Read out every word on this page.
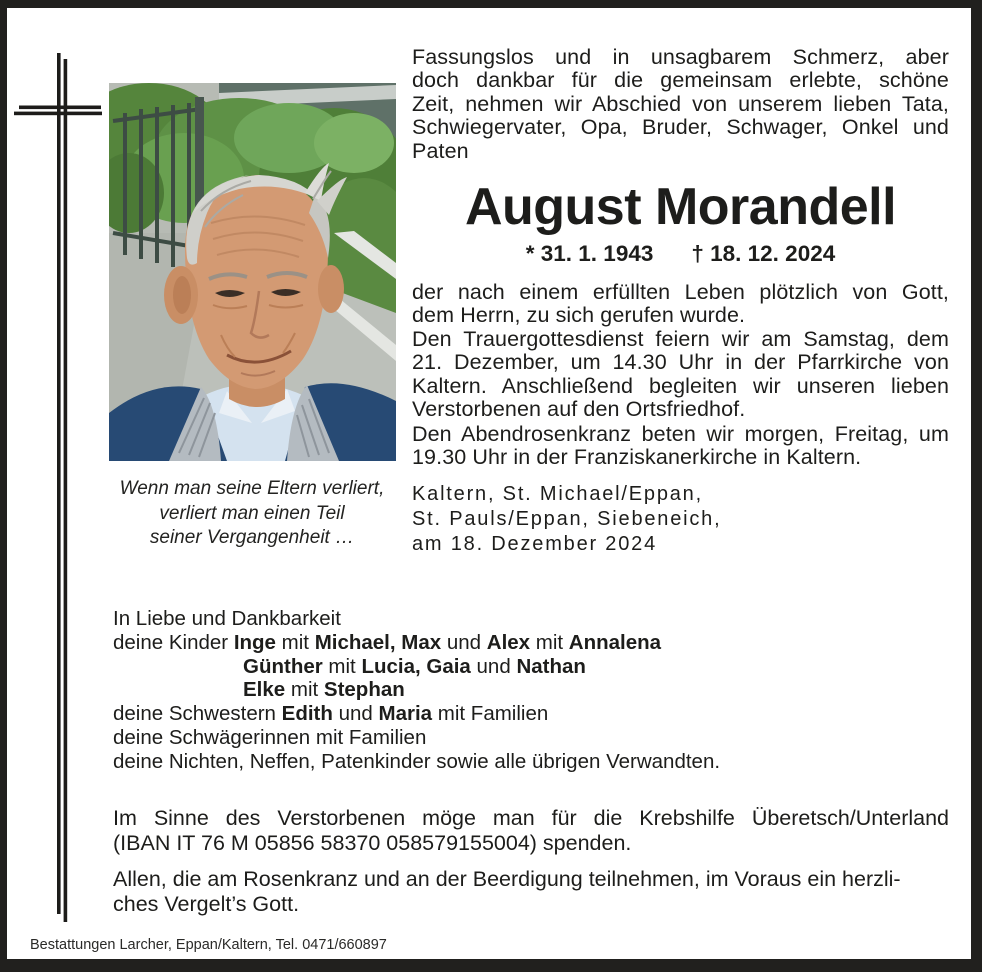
Fassungslos und in unsagbarem Schmerz, aber
doch dankbar für die gemeinsam erlebte, schöne
Zeit, nehmen wir Abschied von unserem lieben Tata,
Schwiegervater, Opa, Bruder, Schwager, Onkel und
Paten
August Morandell
* 31. 1. 1943 † 18. 12. 2024
der nach einem erfüllten Leben plötzlich von Gott,
dem Herrn, zu sich gerufen wurde.
Den Trauergottesdienst feiern wir am Samstag, dem
21. Dezember, um 14.30 Uhr in der Pfarrkirche von
Kaltern. Anschließend begleiten wir unseren lieben
Verstorbenen auf den Ortsfriedhof.
Den Abendrosenkranz beten wir morgen, Freitag, um
19.30 Uhr in der Franziskanerkirche in Kaltern.
Kaltern, St. Michael/Eppan,
St. Pauls/Eppan, Siebeneich,
am 18. Dezember 2024
Wenn man seine Eltern verliert,
verliert man einen Teil
seiner Vergangenheit …
In Liebe und Dankbarkeit
deine Kinder Inge mit Michael, Max und Alex mit Annalena
Günther mit Lucia, Gaia und Nathan
Elke mit Stephan
deine Schwestern Edith und Maria mit Familien
deine Schwägerinnen mit Familien
deine Nichten, Neffen, Patenkinder sowie alle übrigen Verwandten.
Im Sinne des Verstorbenen möge man für die Krebshilfe Überetsch/Unterland
(IBAN IT 76 M 05856 58370 058579155004) spenden.
Allen, die am Rosenkranz und an der Beerdigung teilnehmen, im Voraus ein herzli-
ches Vergelt’s Gott.
Bestattungen Larcher, Eppan/Kaltern, Tel. 0471/660897
